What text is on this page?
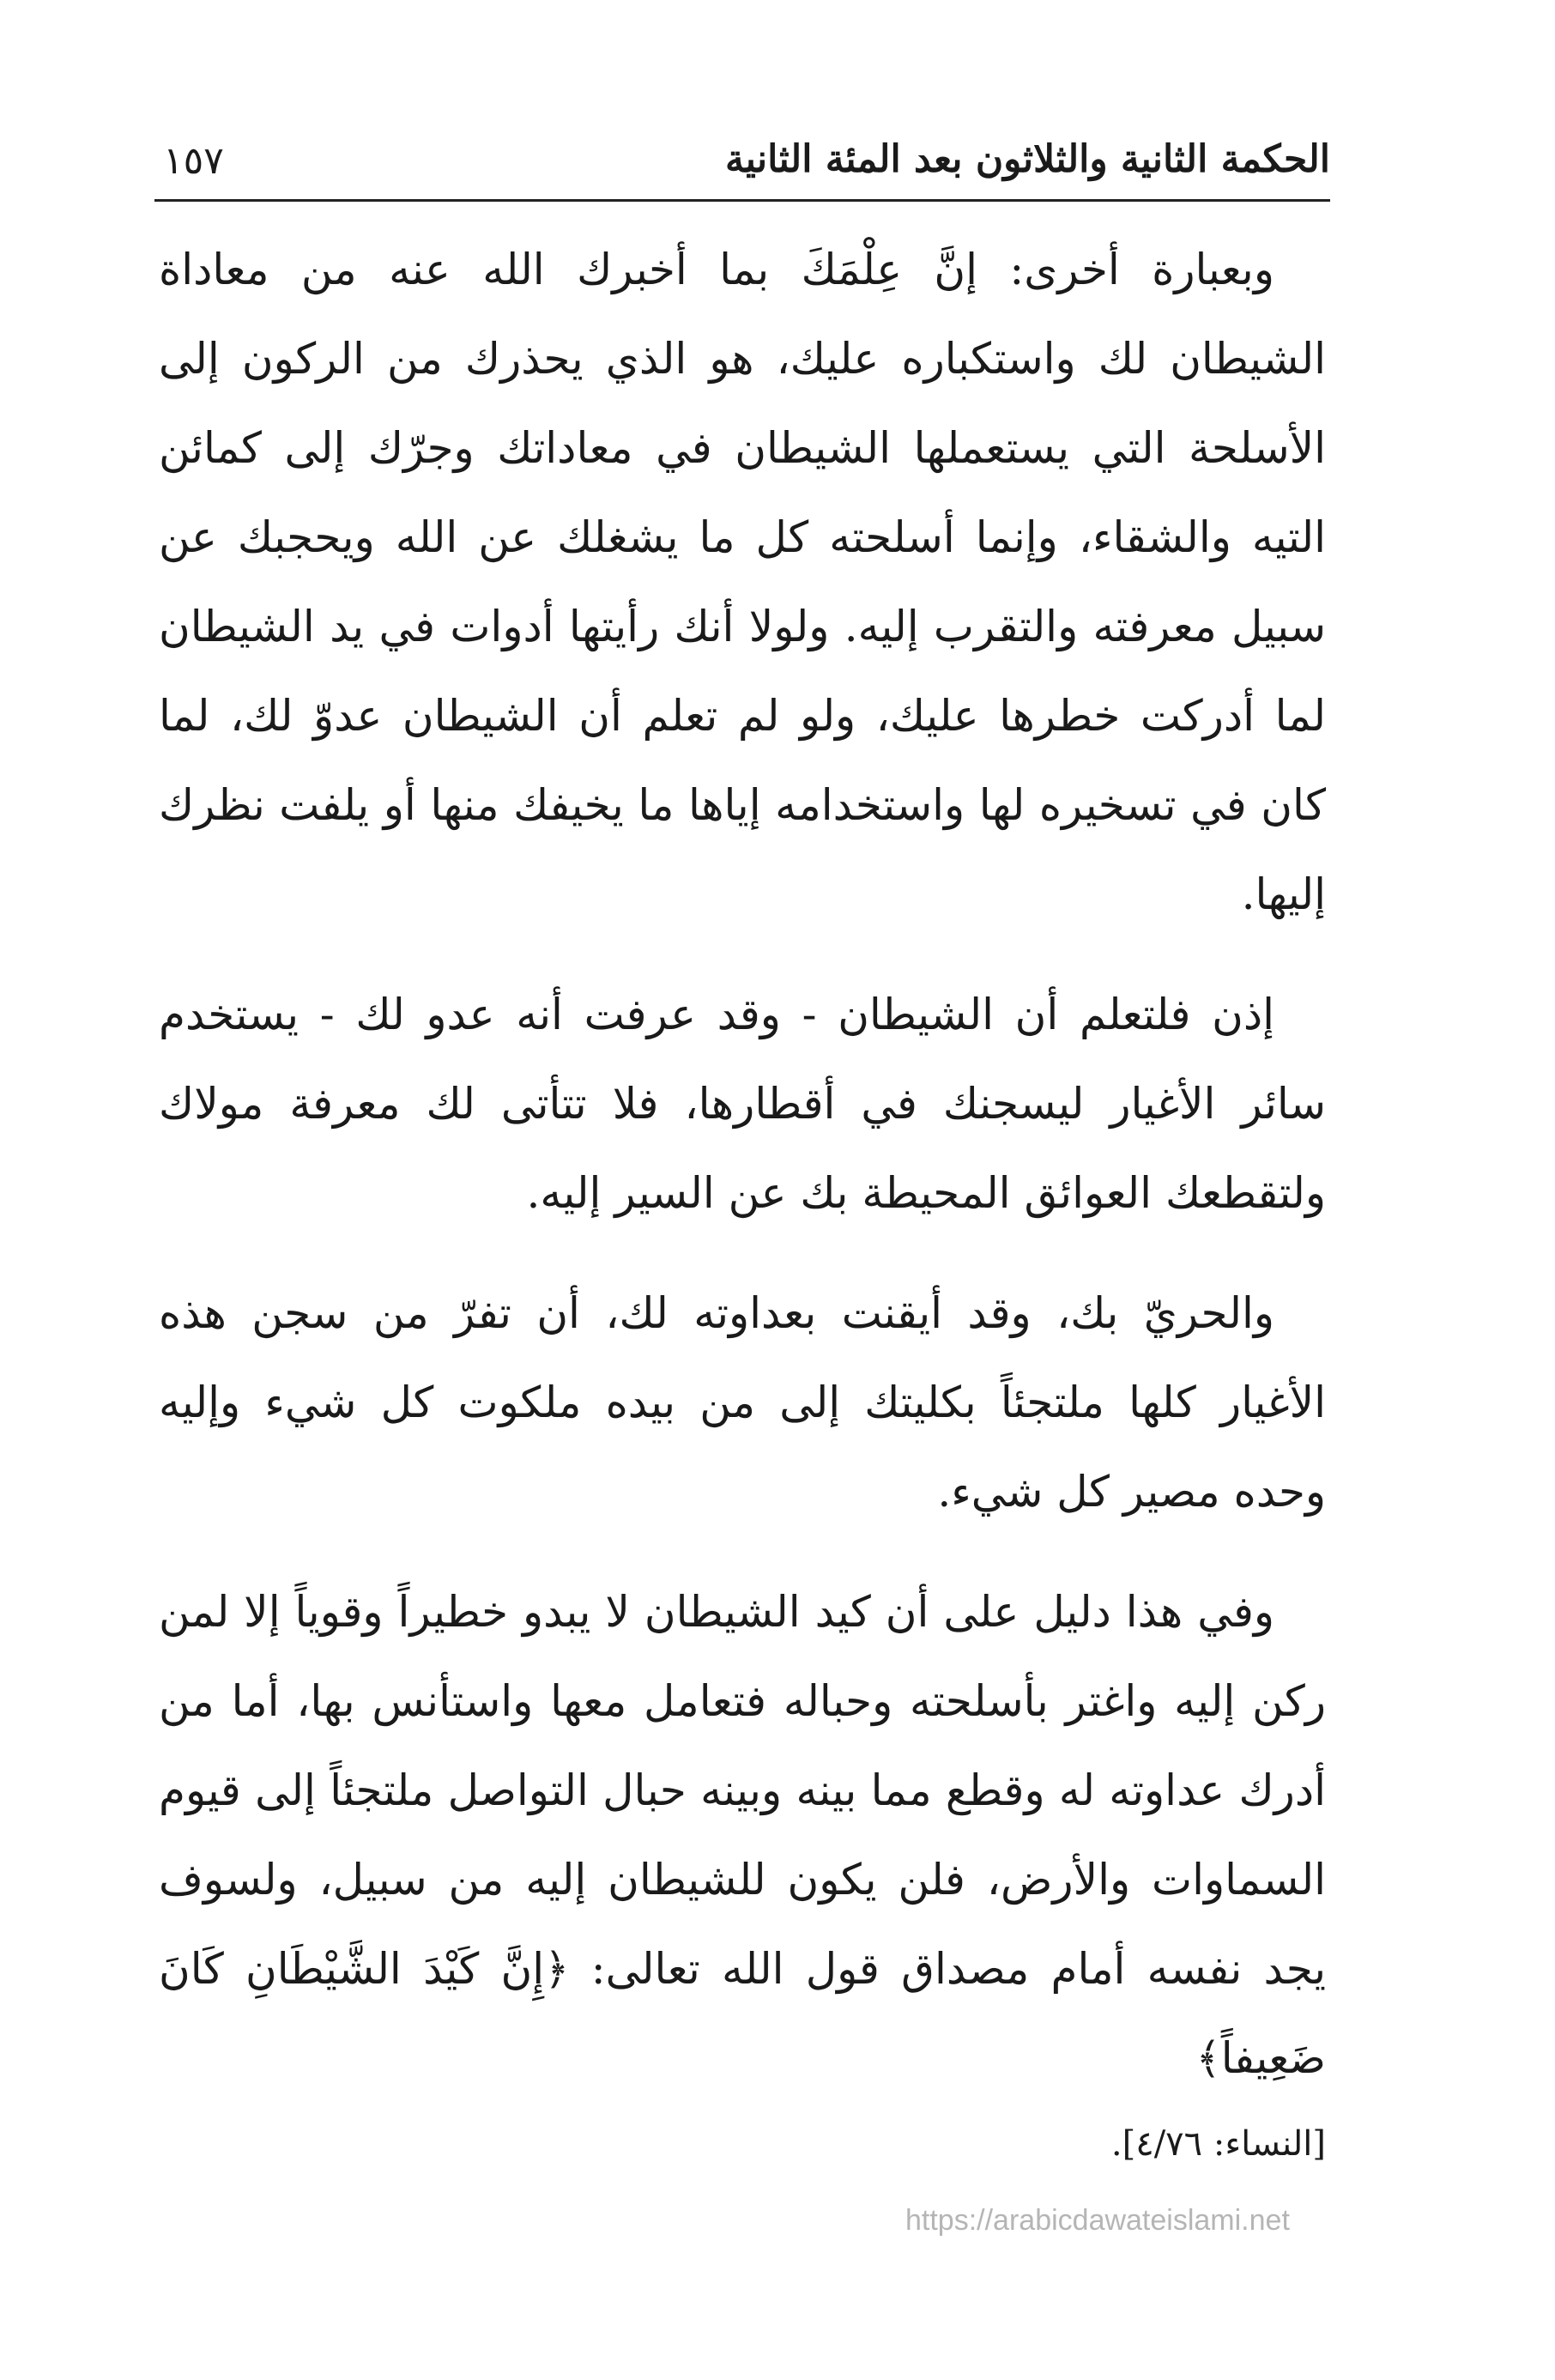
الحكمة الثانية والثلاثون بعد المئة الثانية
١٥٧

وبعبارة أخرى: إنَّ عِلْمَكَ بما أخبرك الله عنه من معاداة الشيطان لك واستكباره عليك، هو الذي يحذرك من الركون إلى الأسلحة التي يستعملها الشيطان في معاداتك وجرّك إلى كمائن التيه والشقاء، وإنما أسلحته كل ما يشغلك عن الله ويحجبك عن سبيل معرفته والتقرب إليه. ولولا أنك رأيتها أدوات في يد الشيطان لما أدركت خطرها عليك، ولو لم تعلم أن الشيطان عدوّ لك، لما كان في تسخيره لها واستخدامه إياها ما يخيفك منها أو يلفت نظرك إليها.

إذن فلتعلم أن الشيطان - وقد عرفت أنه عدو لك - يستخدم سائر الأغيار ليسجنك في أقطارها، فلا تتأتى لك معرفة مولاك ولتقطعك العوائق المحيطة بك عن السير إليه.

والحريّ بك، وقد أيقنت بعداوته لك، أن تفرّ من سجن هذه الأغيار كلها ملتجئاً بكليتك إلى من بيده ملكوت كل شيء وإليه وحده مصير كل شيء.

وفي هذا دليل على أن كيد الشيطان لا يبدو خطيراً وقوياً إلا لمن ركن إليه واغتر بأسلحته وحباله فتعامل معها واستأنس بها، أما من أدرك عداوته له وقطع مما بينه وبينه حبال التواصل ملتجئاً إلى قيوم السماوات والأرض، فلن يكون للشيطان إليه من سبيل، ولسوف يجد نفسه أمام مصداق قول الله تعالى: ﴿إِنَّ كَيْدَ الشَّيْطَانِ كَانَ ضَعِيفاً﴾

[النساء: ٤/٧٦].

https://arabicdawateislami.net
